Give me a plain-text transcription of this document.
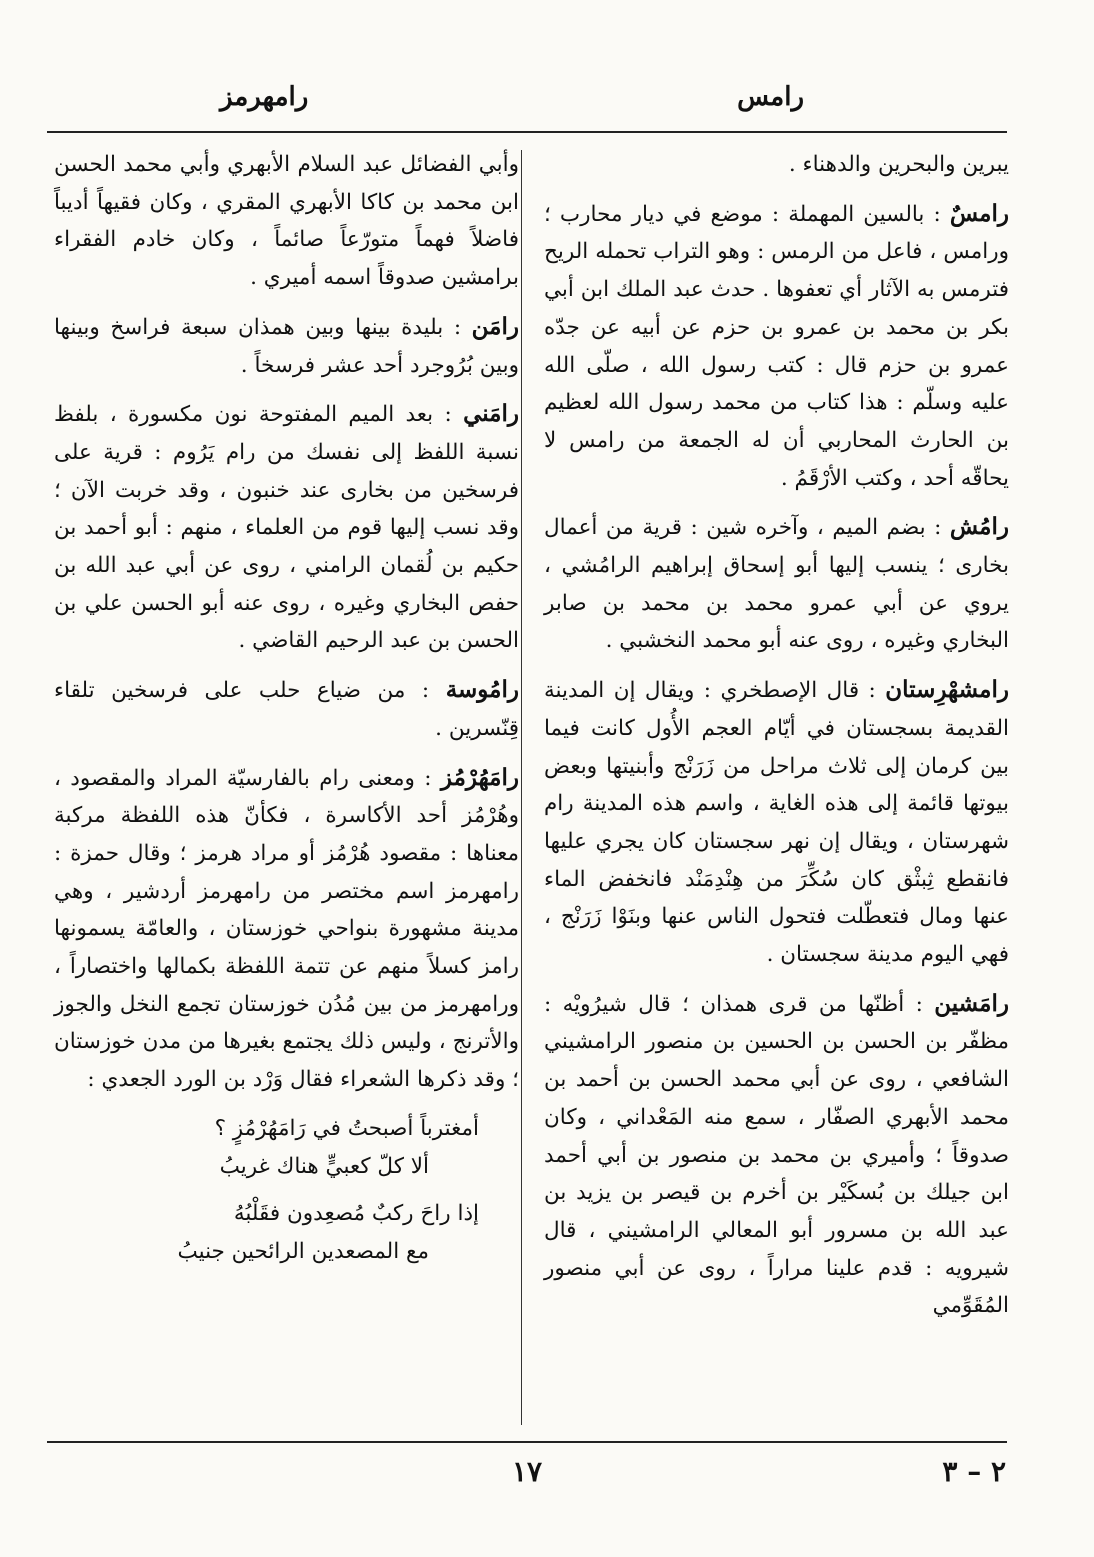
رامس
رامهرمز

يبرين والبحرين والدهناء .

رامسٌ : بالسين المهملة : موضع في ديار محارب ؛ ورامس ، فاعل من الرمس : وهو التراب تحمله الريح فترمس به الآثار أي تعفوها . حدث عبد الملك ابن أبي بكر بن محمد بن عمرو بن حزم عن أبيه عن جدّه عمرو بن حزم قال : كتب رسول الله ، صلّى الله عليه وسلّم : هذا كتاب من محمد رسول الله لعظيم بن الحارث المحاربي أن له الجمعة من رامس لا يحاقّه أحد ، وكتب الأرْقَمُ .

رامُش : بضم الميم ، وآخره شين : قرية من أعمال بخارى ؛ ينسب إليها أبو إسحاق إبراهيم الرامُشي ، يروي عن أبي عمرو محمد بن محمد بن صابر البخاري وغيره ، روى عنه أبو محمد النخشبي .

رامشهْرِستان : قال الإصطخري : ويقال إن المدينة القديمة بسجستان في أيّام العجم الأُول كانت فيما بين كرمان إلى ثلاث مراحل من زَرَنْج وأبنيتها وبعض بيوتها قائمة إلى هذه الغاية ، واسم هذه المدينة رام شهرستان ، ويقال إن نهر سجستان كان يجري عليها فانقطع ثِبثْق كان سُكِّرَ من هِنْدِمَنْد فانخفض الماء عنها ومال فتعطّلت فتحول الناس عنها وبنَوْا زَرَنْج ، فهي اليوم مدينة سجستان .

رامَشين : أظنّها من قرى همذان ؛ قال شيرُويْه : مظفّر بن الحسن بن الحسين بن منصور الرامشيني الشافعي ، روى عن أبي محمد الحسن بن أحمد بن محمد الأبهري الصفّار ، سمع منه المَعْداني ، وكان صدوقاً ؛ وأميري بن محمد بن منصور بن أبي أحمد ابن جيلك بن بُسكَيْر بن أخرم بن قيصر بن يزيد بن عبد الله بن مسرور أبو المعالي الرامشيني ، قال شيرويه : قدم علينا مراراً ، روى عن أبي منصور المُقَوِّمي

وأبي الفضائل عبد السلام الأبهري وأبي محمد الحسن ابن محمد بن كاكا الأبهري المقري ، وكان فقيهاً أديباً فاضلاً فهماً متورّعاً صائماً ، وكان خادم الفقراء برامشين صدوقاً اسمه أميري .

رامَن : بليدة بينها وبين همذان سبعة فراسخ وبينها وبين بُرُوجرد أحد عشر فرسخاً .

رامَني : بعد الميم المفتوحة نون مكسورة ، بلفظ نسبة اللفظ إلى نفسك من رام يَرُوم : قرية على فرسخين من بخارى عند خنبون ، وقد خربت الآن ؛ وقد نسب إليها قوم من العلماء ، منهم : أبو أحمد بن حكيم بن لُقمان الرامني ، روى عن أبي عبد الله بن حفص البخاري وغيره ، روى عنه أبو الحسن علي بن الحسن بن عبد الرحيم القاضي .

رامُوسة : من ضياع حلب على فرسخين تلقاء قِنّسرين .

رامَهُرْمُز : ومعنى رام بالفارسيّة المراد والمقصود ، وهُرْمُز أحد الأكاسرة ، فكأنّ هذه اللفظة مركبة معناها : مقصود هُرْمُز أو مراد هرمز ؛ وقال حمزة : رامهرمز اسم مختصر من رامهرمز أردشير ، وهي مدينة مشهورة بنواحي خوزستان ، والعامّة يسمونها رامز كسلاً منهم عن تتمة اللفظة بكمالها واختصاراً ، ورامهرمز من بين مُدُن خوزستان تجمع النخل والجوز والأترنج ، وليس ذلك يجتمع بغيرها من مدن خوزستان ؛ وقد ذكرها الشعراء فقال وَرْد بن الورد الجعدي :

أمغترباً أصبحتُ في رَامَهُرْمُزٍ ؟
ألا كلّ كعبيٍّ هناك غريبُ
إذا راحَ ركبٌ مُصعِدون فقَلْبُهُ
مع المصعدين الرائحين جنيبُ
١٧	٢ – ٣
